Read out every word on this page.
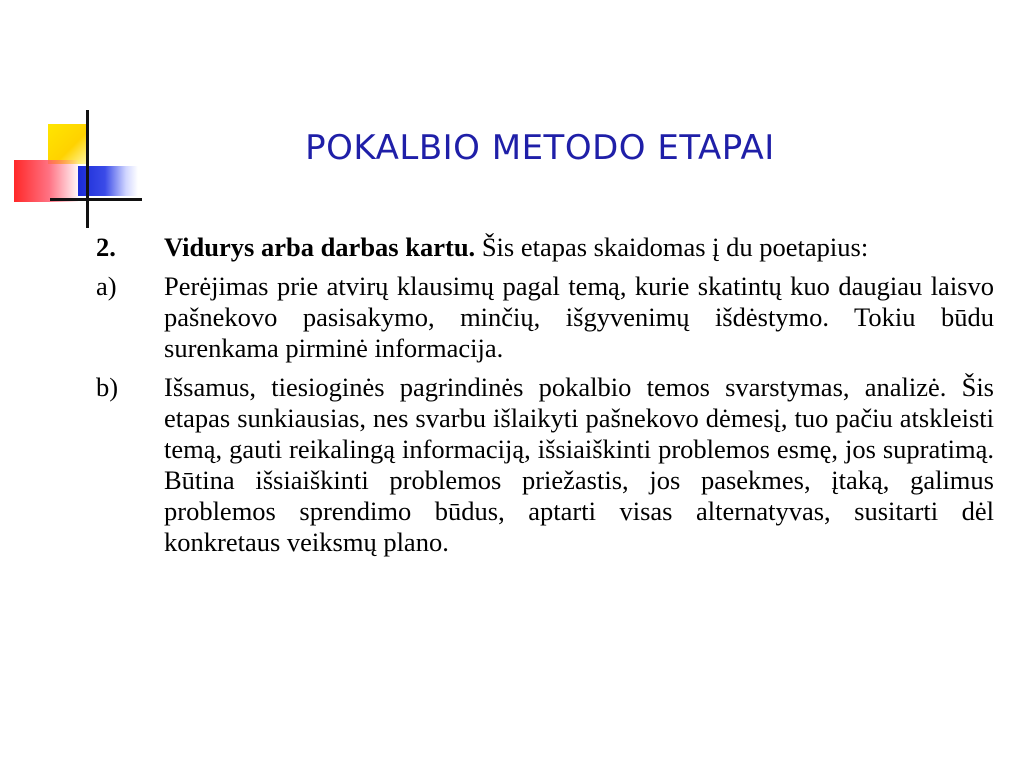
POKALBIO METODO ETAPAI
2.	Vidurys arba darbas kartu. Šis etapas skaidomas į du poetapius:
a)	Perėjimas prie atvirų klausimų pagal temą, kurie skatintų kuo daugiau laisvo pašnekovo pasisakymo, minčių, išgyvenimų išdėstymo. Tokiu būdu surenkama pirminė informacija.
b)	Išsamus, tiesioginės pagrindinės pokalbio temos svarstymas, analizė. Šis etapas sunkiausias, nes svarbu išlaikyti pašnekovo dėmesį, tuo pačiu atskleisti temą, gauti reikalingą informaciją, išsiaiškinti problemos esmę, jos supratimą. Būtina išsiaiškinti problemos priežastis, jos pasekmes, įtaką, galimus problemos sprendimo būdus, aptarti visas alternatyvas, susitarti dėl konkretaus veiksmų plano.
